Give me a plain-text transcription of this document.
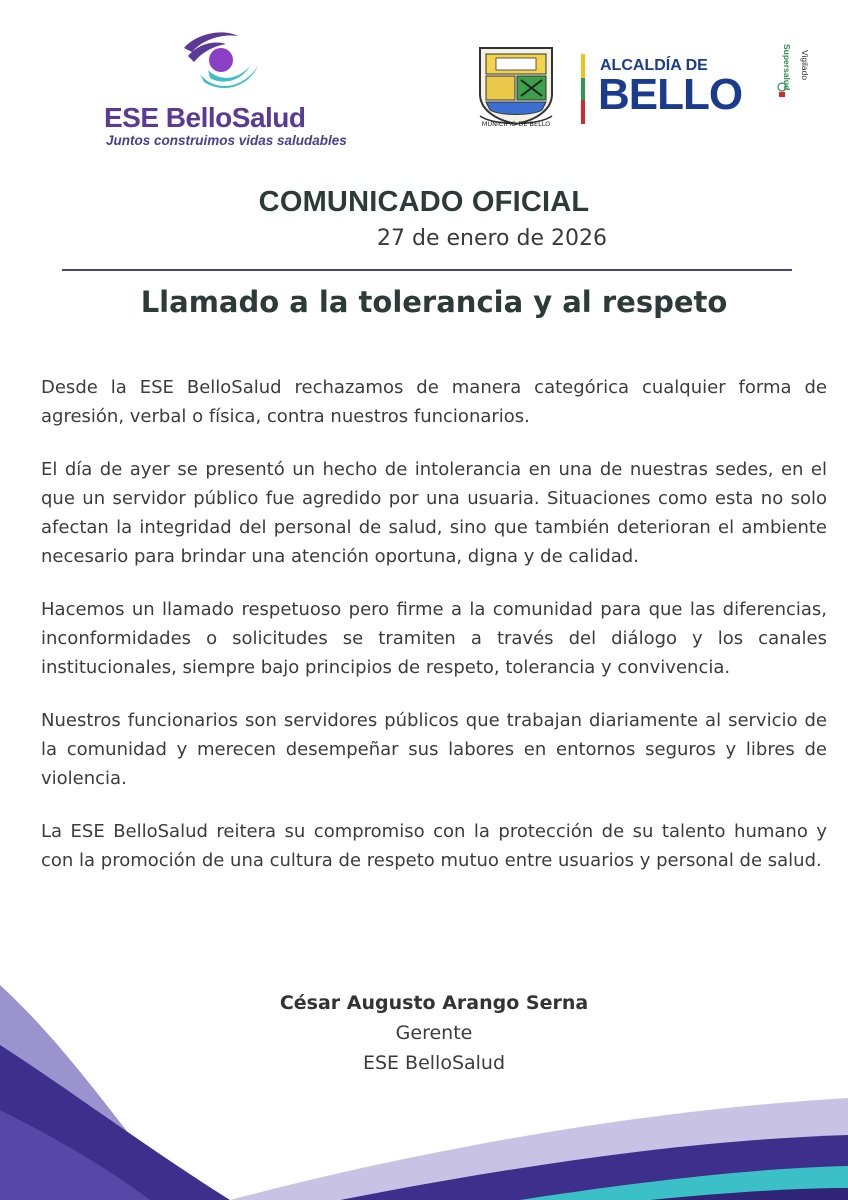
ESE BelloSalud
Juntos construimos vidas saludables
MUNICIPIO DE BELLO
ALCALDÍA DE
BELLO
Vigilado
Supersalud
COMUNICADO OFICIAL
27 de enero de 2026
Llamado a la tolerancia y al respeto

Desde la ESE BelloSalud rechazamos de manera categórica cualquier forma de agresión, verbal o física, contra nuestros funcionarios.

El día de ayer se presentó un hecho de intolerancia en una de nuestras sedes, en el que un servidor público fue agredido por una usuaria. Situaciones como esta no solo afectan la integridad del personal de salud, sino que también deterioran el ambiente necesario para brindar una atención oportuna, digna y de calidad.

Hacemos un llamado respetuoso pero firme a la comunidad para que las diferencias, inconformidades o solicitudes se tramiten a través del diálogo y los canales institucionales, siempre bajo principios de respeto, tolerancia y convivencia.

Nuestros funcionarios son servidores públicos que trabajan diariamente al servicio de la comunidad y merecen desempeñar sus labores en entornos seguros y libres de violencia.

La ESE BelloSalud reitera su compromiso con la protección de su talento humano y con la promoción de una cultura de respeto mutuo entre usuarios y personal de salud.

César Augusto Arango Serna
Gerente
ESE BelloSalud
